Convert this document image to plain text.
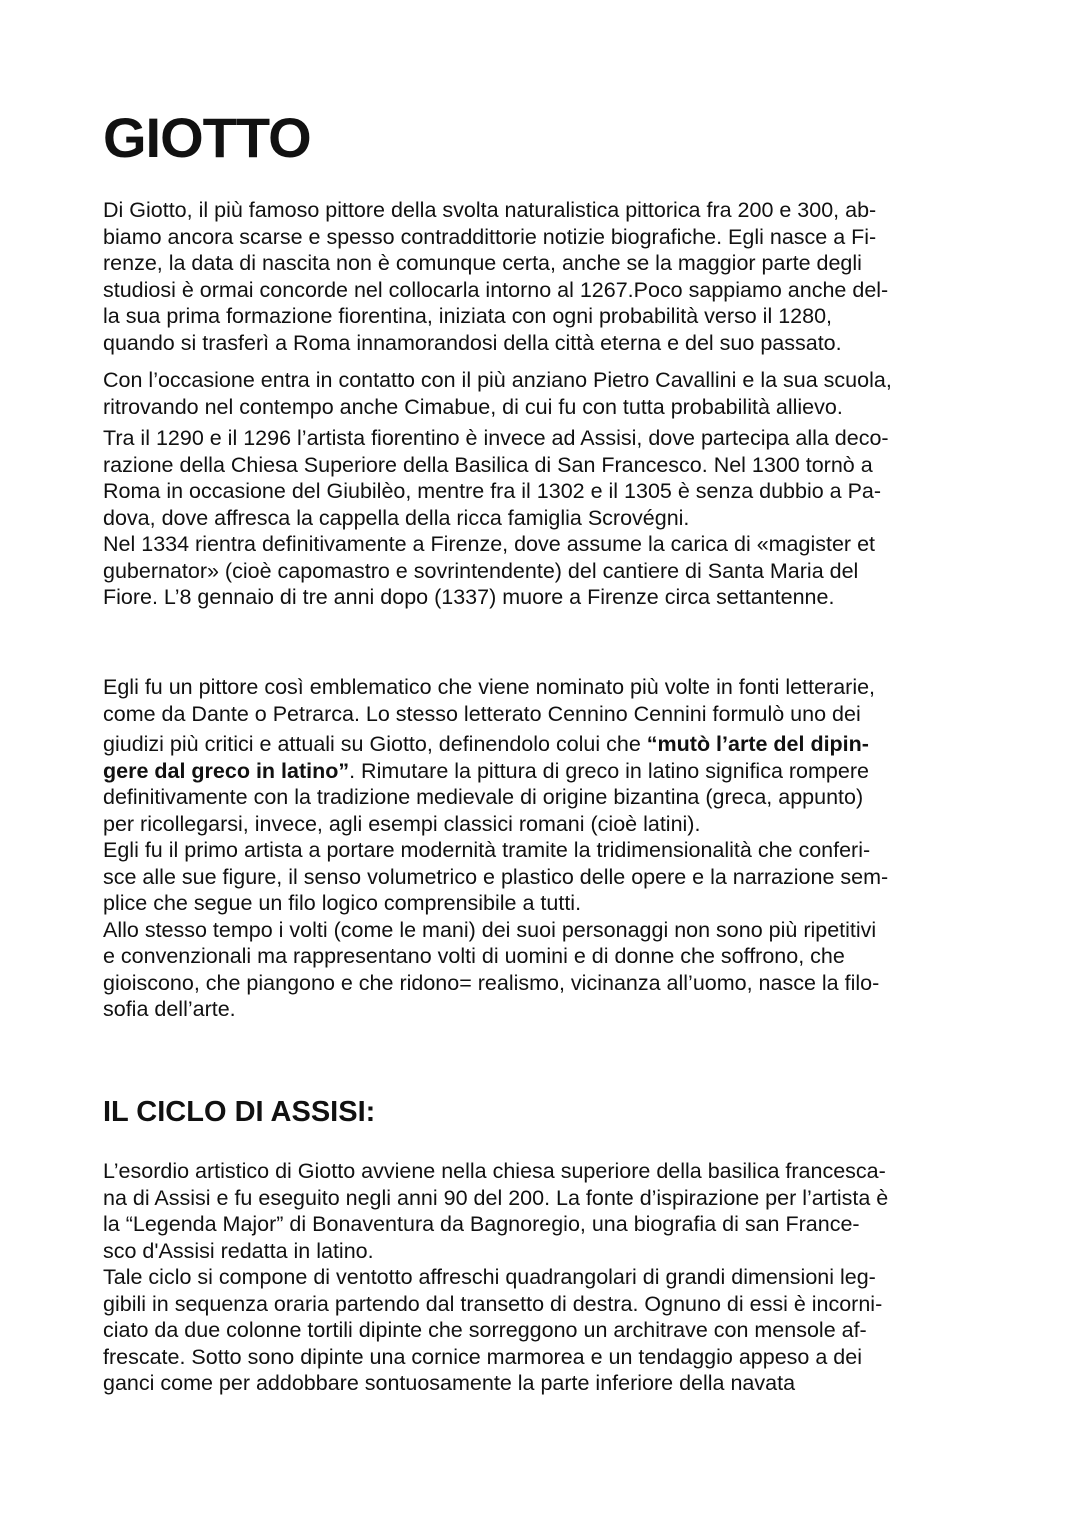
GIOTTO

Di Giotto, il più famoso pittore della svolta naturalistica pittorica fra 200 e 300, ab-
biamo ancora scarse e spesso contraddittorie notizie biografiche. Egli nasce a Fi-
renze, la data di nascita non è comunque certa, anche se la maggior parte degli
studiosi è ormai concorde nel collocarla intorno al 1267.Poco sappiamo anche del-
la sua prima formazione fiorentina, iniziata con ogni probabilità verso il 1280,
quando si trasferì a Roma innamorandosi della città eterna e del suo passato.

Con l’occasione entra in contatto con il più anziano Pietro Cavallini e la sua scuola,
ritrovando nel contempo anche Cimabue, di cui fu con tutta probabilità allievo.

Tra il 1290 e il 1296 l’artista fiorentino è invece ad Assisi, dove partecipa alla deco-
razione della Chiesa Superiore della Basilica di San Francesco. Nel 1300 tornò a
Roma in occasione del Giubilèo, mentre fra il 1302 e il 1305 è senza dubbio a Pa-
dova, dove affresca la cappella della ricca famiglia Scrovégni.
Nel 1334 rientra definitivamente a Firenze, dove assume la carica di «magister et
gubernator» (cioè capomastro e sovrintendente) del cantiere di Santa Maria del
Fiore. L’8 gennaio di tre anni dopo (1337) muore a Firenze circa settantenne.

Egli fu un pittore così emblematico che viene nominato più volte in fonti letterarie,
come da Dante o Petrarca. Lo stesso letterato Cennino Cennini formulò uno dei
giudizi più critici e attuali su Giotto, definendolo colui che “mutò l’arte del dipin-
gere dal greco in latino”. Rimutare la pittura di greco in latino significa rompere
definitivamente con la tradizione medievale di origine bizantina (greca, appunto)
per ricollegarsi, invece, agli esempi classici romani (cioè latini).
Egli fu il primo artista a portare modernità tramite la tridimensionalità che conferi-
sce alle sue figure, il senso volumetrico e plastico delle opere e la narrazione sem-
plice che segue un filo logico comprensibile a tutti.
Allo stesso tempo i volti (come le mani) dei suoi personaggi non sono più ripetitivi
e convenzionali ma rappresentano volti di uomini e di donne che soffrono, che
gioiscono, che piangono e che ridono= realismo, vicinanza all’uomo, nasce la filo-
sofia dell’arte.

IL CICLO DI ASSISI:

L’esordio artistico di Giotto avviene nella chiesa superiore della basilica francesca-
na di Assisi e fu eseguito negli anni 90 del 200. La fonte d’ispirazione per l’artista è
la “Legenda Major” di Bonaventura da Bagnoregio, una biografia di san France-
sco d'Assisi redatta in latino.
Tale ciclo si compone di ventotto affreschi quadrangolari di grandi dimensioni leg-
gibili in sequenza oraria partendo dal transetto di destra. Ognuno di essi è incorni-
ciato da due colonne tortili dipinte che sorreggono un architrave con mensole af-
frescate. Sotto sono dipinte una cornice marmorea e un tendaggio appeso a dei
ganci come per addobbare sontuosamente la parte inferiore della navata
